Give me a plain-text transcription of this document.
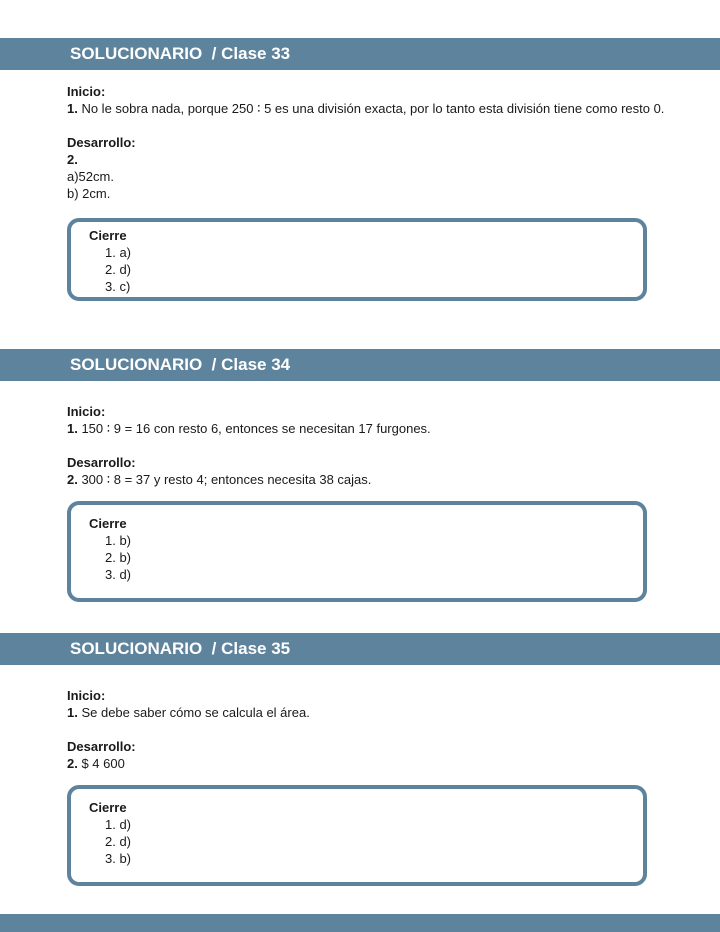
SOLUCIONARIO  / Clase 33
Inicio:
1. No le sobra nada, porque 250 ∶ 5 es una división exacta, por lo tanto esta división tiene como resto 0.
Desarrollo:
2.
a)52cm.
b) 2cm.
Cierre
1. a)
2. d)
3. c)
SOLUCIONARIO  / Clase 34
Inicio:
1. 150 ∶ 9 = 16 con resto 6, entonces se necesitan 17 furgones.
Desarrollo:
2. 300 ∶ 8 = 37 y resto 4; entonces necesita 38 cajas.
Cierre
1. b)
2. b)
3. d)
SOLUCIONARIO  / Clase 35
Inicio:
1. Se debe saber cómo se calcula el área.
Desarrollo:
2. $ 4 600
Cierre
1. d)
2. d)
3. b)
